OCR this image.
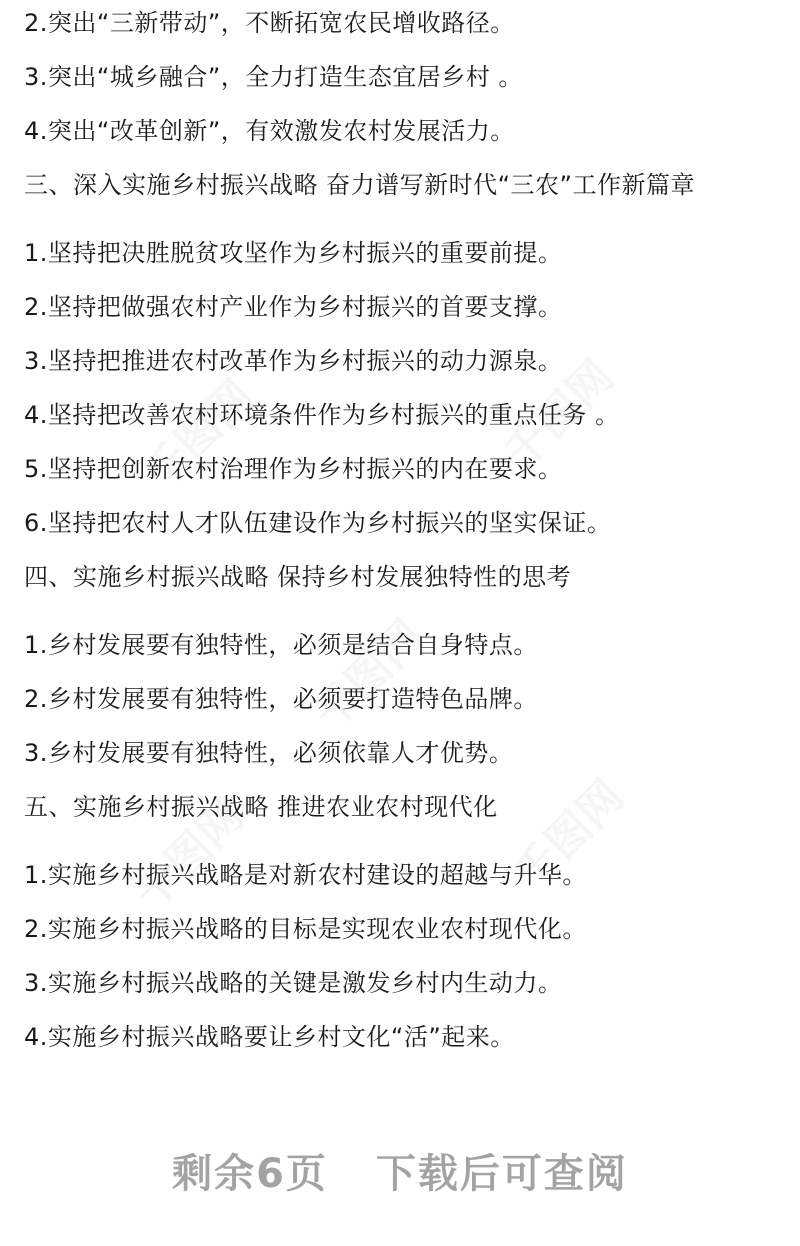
2.突出“三新带动”，不断拓宽农民增收路径。
3.突出“城乡融合”，全力打造生态宜居乡村 。
4.突出“改革创新”，有效激发农村发展活力。
三、深入实施乡村振兴战略 奋力谱写新时代“三农”工作新篇章
1.坚持把决胜脱贫攻坚作为乡村振兴的重要前提。
2.坚持把做强农村产业作为乡村振兴的首要支撑。
3.坚持把推进农村改革作为乡村振兴的动力源泉。
4.坚持把改善农村环境条件作为乡村振兴的重点任务 。
5.坚持把创新农村治理作为乡村振兴的内在要求。
6.坚持把农村人才队伍建设作为乡村振兴的坚实保证。
四、实施乡村振兴战略 保持乡村发展独特性的思考
1.乡村发展要有独特性，必须是结合自身特点。
2.乡村发展要有独特性，必须要打造特色品牌。
3.乡村发展要有独特性，必须依靠人才优势。
五、实施乡村振兴战略 推进农业农村现代化
1.实施乡村振兴战略是对新农村建设的超越与升华。
2.实施乡村振兴战略的目标是实现农业农村现代化。
3.实施乡村振兴战略的关键是激发乡村内生动力。
4.实施乡村振兴战略要让乡村文化“活”起来。
千图网	千图网
千图网
千图网	千图网
剩余6页 下载后可查阅
